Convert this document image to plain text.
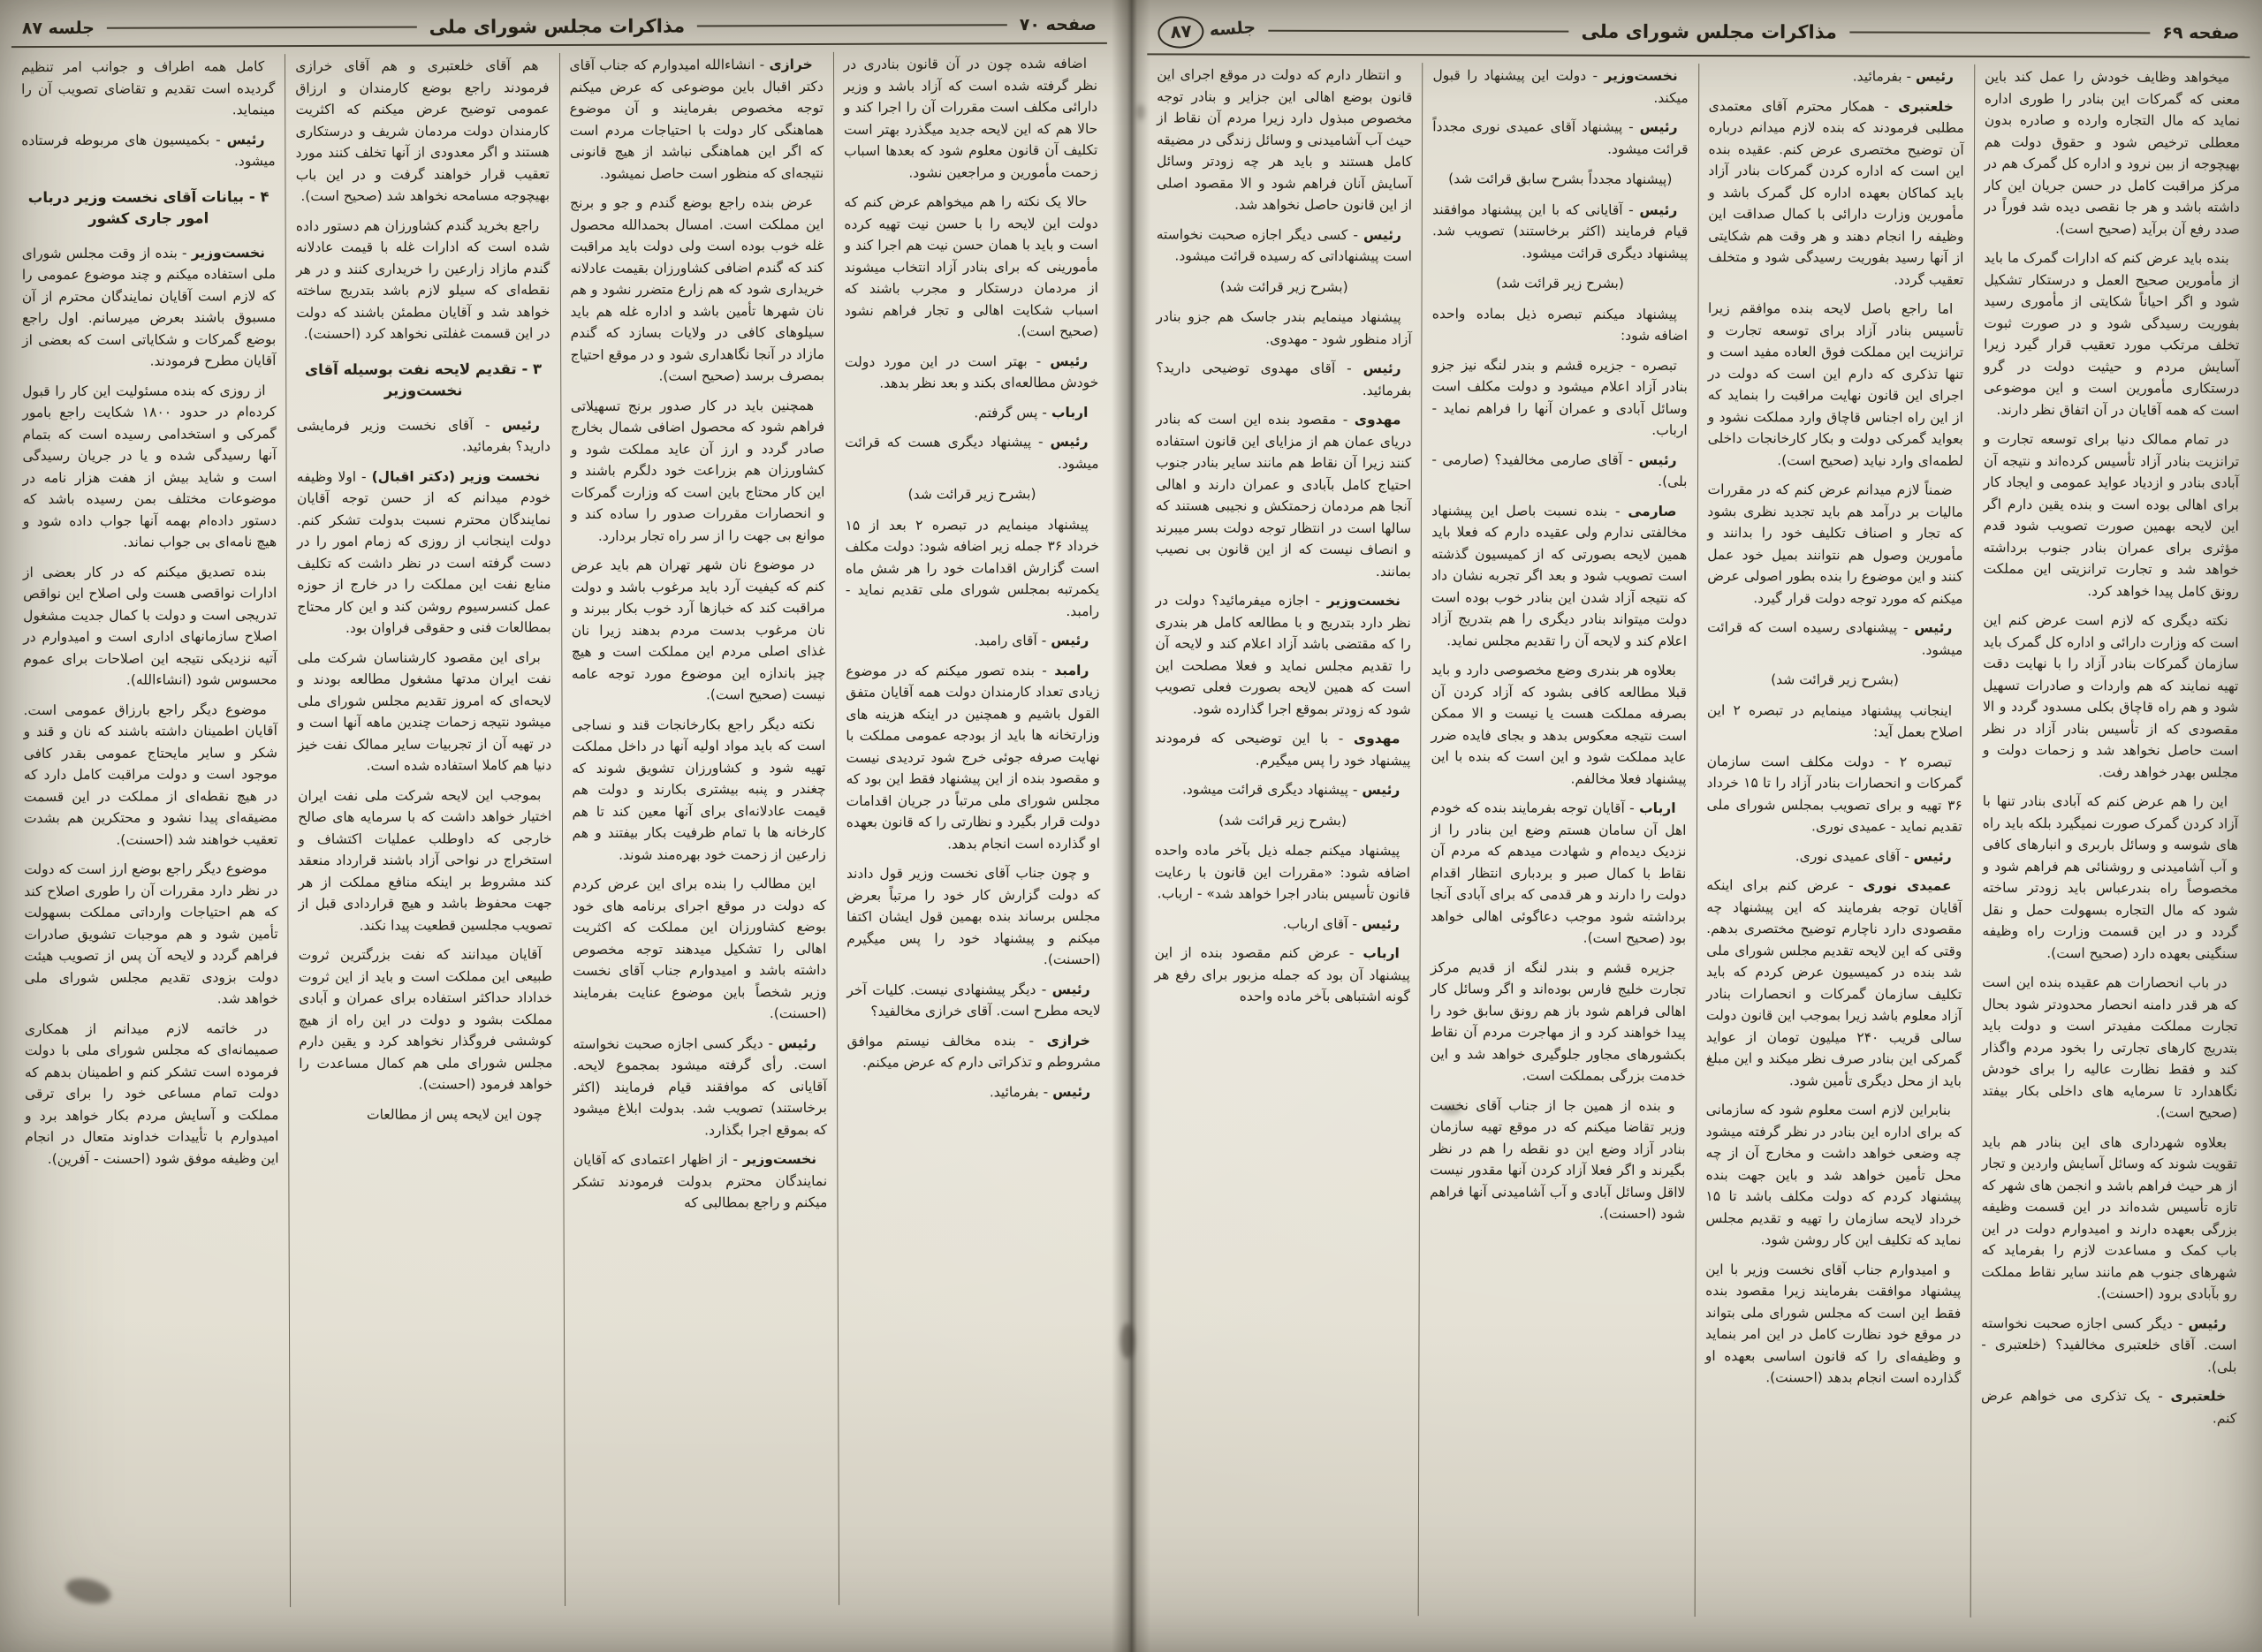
صفحه ۶۹
مذاکرات مجلس شورای ملی
جلسه
۸۷

میخواهد وظایف خودش را عمل کند باین معنی که گمرکات این بنادر را طوری اداره نماید که مال التجاره وارده و صادره بدون معطلی ترخیص شود و حقوق دولت هم بهیچوجه از بین نرود و اداره کل گمرک هم در مرکز مراقبت کامل در حسن جریان این کار داشته باشد و هر جا نقصی دیده شد فوراً در صدد رفع آن برآید (صحیح است).

بنده باید عرض کنم که ادارات گمرک ما باید از مأمورین صحیح العمل و درستکار تشکیل شود و اگر احیاناً شکایتی از مأموری رسید بفوریت رسیدگی شود و در صورت ثبوت تخلف مرتکب مورد تعقیب قرار گیرد زیرا آسایش مردم و حیثیت دولت در گرو درستکاری مأمورین است و این موضوعی است که همه آقایان در آن اتفاق نظر دارند.

در تمام ممالک دنیا برای توسعه تجارت و ترانزیت بنادر آزاد تأسیس کرده‌اند و نتیجه آن آبادی بنادر و ازدیاد عواید عمومی و ایجاد کار برای اهالی بوده است و بنده یقین دارم اگر این لایحه بهمین صورت تصویب شود قدم مؤثری برای عمران بنادر جنوب برداشته خواهد شد و تجارت ترانزیتی این مملکت رونق کامل پیدا خواهد کرد.

نکته دیگری که لازم است عرض کنم این است که وزارت دارائی و اداره کل گمرک باید سازمان گمرکات بنادر آزاد را با نهایت دقت تهیه نمایند که هم واردات و صادرات تسهیل شود و هم راه قاچاق بکلی مسدود گردد و الا مقصودی که از تأسیس بنادر آزاد در نظر است حاصل نخواهد شد و زحمات دولت و مجلس بهدر خواهد رفت.

این را هم عرض کنم که آبادی بنادر تنها با آزاد کردن گمرک صورت نمیگیرد بلکه باید راه های شوسه و وسائل باربری و انبارهای کافی و آب آشامیدنی و روشنائی هم فراهم شود و مخصوصاً راه بندرعباس باید زودتر ساخته شود که مال التجاره بسهولت حمل و نقل گردد و در این قسمت وزارت راه وظیفه سنگینی بعهده دارد (صحیح است).

در باب انحصارات هم عقیده بنده این است که هر قدر دامنه انحصار محدودتر شود بحال تجارت مملکت مفیدتر است و دولت باید بتدریج کارهای تجارتی را بخود مردم واگذار کند و فقط نظارت عالیه را برای خودش نگاهدارد تا سرمایه های داخلی بکار بیفتد (صحیح است).

بعلاوه شهرداری های این بنادر هم باید تقویت شوند که وسائل آسایش واردین و تجار از هر حیث فراهم باشد و انجمن های شهر که تازه تأسیس شده‌اند در این قسمت وظیفه بزرگی بعهده دارند و امیدوارم دولت در این باب کمک و مساعدت لازم را بفرماید که شهرهای جنوب هم مانند سایر نقاط مملکت رو بآبادی برود (احسنت).

رئیس - دیگر کسی اجازه صحبت نخواسته است. آقای خلعتبری مخالفید؟ (خلعتبری - بلی).

خلعتبری - یک تذکری می خواهم عرض کنم.

رئیس - بفرمائید.

خلعتبری - همکار محترم آقای معتمدی مطلبی فرمودند که بنده لازم میدانم درباره آن توضیح مختصری عرض کنم. عقیده بنده این است که اداره کردن گمرکات بنادر آزاد باید کماکان بعهده اداره کل گمرک باشد و مأمورین وزارت دارائی با کمال صداقت این وظیفه را انجام دهند و هر وقت هم شکایتی از آنها رسید بفوریت رسیدگی شود و متخلف تعقیب گردد.

اما راجع باصل لایحه بنده موافقم زیرا تأسیس بنادر آزاد برای توسعه تجارت و ترانزیت این مملکت فوق العاده مفید است و تنها تذکری که دارم این است که دولت در اجرای این قانون نهایت مراقبت را بنماید که از این راه اجناس قاچاق وارد مملکت نشود و بعواید گمرکی دولت و بکار کارخانجات داخلی لطمه‌ای وارد نیاید (صحیح است).

ضمناً لازم میدانم عرض کنم که در مقررات مالیات بر درآمد هم باید تجدید نظری بشود که تجار و اصناف تکلیف خود را بدانند و مأمورین وصول هم نتوانند بمیل خود عمل کنند و این موضوع را بنده بطور اصولی عرض میکنم که مورد توجه دولت قرار گیرد.

رئیس - پیشنهادی رسیده است که قرائت میشود.

(بشرح زیر قرائت شد)

اینجانب پیشنهاد مینمایم در تبصره ۲ این اصلاح بعمل آید:

تبصره ۲ - دولت مکلف است سازمان گمرکات و انحصارات بنادر آزاد را تا ۱۵ خرداد ۳۶ تهیه و برای تصویب بمجلس شورای ملی تقدیم نماید - عمیدی نوری.

رئیس - آقای عمیدی نوری.

عمیدی نوری - عرض کنم برای اینکه آقایان توجه بفرمایند که این پیشنهاد چه مقصودی دارد ناچارم توضیح مختصری بدهم. وقتی که این لایحه تقدیم مجلس شورای ملی شد بنده در کمیسیون عرض کردم که باید تکلیف سازمان گمرکات و انحصارات بنادر آزاد معلوم باشد زیرا بموجب این قانون دولت سالی قریب ۲۴۰ میلیون تومان از عواید گمرکی این بنادر صرف نظر میکند و این مبلغ باید از محل دیگری تأمین شود.

بنابراین لازم است معلوم شود که سازمانی که برای اداره این بنادر در نظر گرفته میشود چه وضعی خواهد داشت و مخارج آن از چه محل تأمین خواهد شد و باین جهت بنده پیشنهاد کردم که دولت مکلف باشد تا ۱۵ خرداد لایحه سازمان را تهیه و تقدیم مجلس نماید که تکلیف این کار روشن شود.

و امیدوارم جناب آقای نخست وزیر با این پیشنهاد موافقت بفرمایند زیرا مقصود بنده فقط این است که مجلس شورای ملی بتواند در موقع خود نظارت کامل در این امر بنماید و وظیفه‌ای را که قانون اساسی بعهده او گذارده است انجام بدهد (احسنت).

نخست‌وزیر - دولت این پیشنهاد را قبول میکند.

رئیس - پیشنهاد آقای عمیدی نوری مجدداً قرائت میشود.

(پیشنهاد مجدداً بشرح سابق قرائت شد)

رئیس - آقایانی که با این پیشنهاد موافقند قیام فرمایند (اکثر برخاستند) تصویب شد. پیشنهاد دیگری قرائت میشود.

(بشرح زیر قرائت شد)

پیشنهاد میکنم تبصره ذیل بماده واحده اضافه شود:

تبصره - جزیره قشم و بندر لنگه نیز جزو بنادر آزاد اعلام میشود و دولت مکلف است وسائل آبادی و عمران آنها را فراهم نماید - ارباب.

رئیس - آقای صارمی مخالفید؟ (صارمی - بلی).

صارمی - بنده نسبت باصل این پیشنهاد مخالفتی ندارم ولی عقیده دارم که فعلا باید همین لایحه بصورتی که از کمیسیون گذشته است تصویب شود و بعد اگر تجربه نشان داد که نتیجه آزاد شدن این بنادر خوب بوده است دولت میتواند بنادر دیگری را هم بتدریج آزاد اعلام کند و لایحه آن را تقدیم مجلس نماید.

بعلاوه هر بندری وضع مخصوصی دارد و باید قبلا مطالعه کافی بشود که آزاد کردن آن بصرفه مملکت هست یا نیست و الا ممکن است نتیجه معکوس بدهد و بجای فایده ضرر عاید مملکت شود و این است که بنده با این پیشنهاد فعلا مخالفم.

ارباب - آقایان توجه بفرمایند بنده که خودم اهل آن سامان هستم وضع این بنادر را از نزدیک دیده‌ام و شهادت میدهم که مردم آن نقاط با کمال صبر و بردباری انتظار اقدام دولت را دارند و هر قدمی که برای آبادی آنجا برداشته شود موجب دعاگوئی اهالی خواهد بود (صحیح است).

جزیره قشم و بندر لنگه از قدیم مرکز تجارت خلیج فارس بوده‌اند و اگر وسائل کار اهالی فراهم شود باز هم رونق سابق خود را پیدا خواهند کرد و از مهاجرت مردم آن نقاط بکشورهای مجاور جلوگیری خواهد شد و این خدمت بزرگی بمملکت است.

و بنده از همین جا از جناب آقای نخست وزیر تقاضا میکنم که در موقع تهیه سازمان بنادر آزاد وضع این دو نقطه را هم در نظر بگیرند و اگر فعلا آزاد کردن آنها مقدور نیست لااقل وسائل آبادی و آب آشامیدنی آنها فراهم شود (احسنت).

و انتظار دارم که دولت در موقع اجرای این قانون بوضع اهالی این جزایر و بنادر توجه مخصوص مبذول دارد زیرا مردم آن نقاط از حیث آب آشامیدنی و وسائل زندگی در مضیقه کامل هستند و باید هر چه زودتر وسائل آسایش آنان فراهم شود و الا مقصود اصلی از این قانون حاصل نخواهد شد.

رئیس - کسی دیگر اجازه صحبت نخواسته است پیشنهاداتی که رسیده قرائت میشود.

(بشرح زیر قرائت شد)

پیشنهاد مینمایم بندر جاسک هم جزو بنادر آزاد منظور شود - مهدوی.

رئیس - آقای مهدوی توضیحی دارید؟ بفرمائید.

مهدوی - مقصود بنده این است که بنادر دریای عمان هم از مزایای این قانون استفاده کنند زیرا آن نقاط هم مانند سایر بنادر جنوب احتیاج کامل بآبادی و عمران دارند و اهالی آنجا هم مردمان زحمتکش و نجیبی هستند که سالها است در انتظار توجه دولت بسر میبرند و انصاف نیست که از این قانون بی نصیب بمانند.

نخست‌وزیر - اجازه میفرمائید؟ دولت در نظر دارد بتدریج و با مطالعه کامل هر بندری را که مقتضی باشد آزاد اعلام کند و لایحه آن را تقدیم مجلس نماید و فعلا مصلحت این است که همین لایحه بصورت فعلی تصویب شود که زودتر بموقع اجرا گذارده شود.

مهدوی - با این توضیحی که فرمودند پیشنهاد خود را پس میگیرم.

رئیس - پیشنهاد دیگری قرائت میشود.

(بشرح زیر قرائت شد)

پیشنهاد میکنم جمله ذیل بآخر ماده واحده اضافه شود: «مقررات این قانون با رعایت قانون تأسیس بنادر اجرا خواهد شد» - ارباب.

رئیس - آقای ارباب.

ارباب - عرض کنم مقصود بنده از این پیشنهاد آن بود که جمله مزبور برای رفع هر گونه اشتباهی بآخر ماده واحده

صفحه ۷۰
مذاکرات مجلس شورای ملی
جلسه ۸۷

اضافه شده چون در آن قانون بنادری در نظر گرفته شده است که آزاد باشد و وزیر دارائی مکلف است مقررات آن را اجرا کند و حالا هم که این لایحه جدید میگذرد بهتر است تکلیف آن قانون معلوم شود که بعدها اسباب زحمت مأمورین و مراجعین نشود.

حالا یک نکته را هم میخواهم عرض کنم که دولت این لایحه را با حسن نیت تهیه کرده است و باید با همان حسن نیت هم اجرا کند و مأمورینی که برای بنادر آزاد انتخاب میشوند از مردمان درستکار و مجرب باشند که اسباب شکایت اهالی و تجار فراهم نشود (صحیح است).

رئیس - بهتر است در این مورد دولت خودش مطالعه‌ای بکند و بعد نظر بدهد.

ارباب - پس گرفتم.

رئیس - پیشنهاد دیگری هست که قرائت میشود.

(بشرح زیر قرائت شد)

پیشنهاد مینمایم در تبصره ۲ بعد از ۱۵ خرداد ۳۶ جمله زیر اضافه شود: دولت مکلف است گزارش اقدامات خود را هر شش ماه یکمرتبه بمجلس شورای ملی تقدیم نماید - رامبد.

رئیس - آقای رامبد.

رامبد - بنده تصور میکنم که در موضوع زیادی تعداد کارمندان دولت همه آقایان متفق القول باشیم و همچنین در اینکه هزینه های وزارتخانه ها باید از بودجه عمومی مملکت با نهایت صرفه جوئی خرج شود تردیدی نیست و مقصود بنده از این پیشنهاد فقط این بود که مجلس شورای ملی مرتباً در جریان اقدامات دولت قرار بگیرد و نظارتی را که قانون بعهده او گذارده است انجام بدهد.

و چون جناب آقای نخست وزیر قول دادند که دولت گزارش کار خود را مرتباً بعرض مجلس برساند بنده بهمین قول ایشان اکتفا میکنم و پیشنهاد خود را پس میگیرم (احسنت).

رئیس - دیگر پیشنهادی نیست. کلیات آخر لایحه مطرح است. آقای خرازی مخالفید؟

خرازی - بنده مخالف نیستم موافق مشروطم و تذکراتی دارم که عرض میکنم.

رئیس - بفرمائید.

خرازی - انشاءالله امیدوارم که جناب آقای دکتر اقبال باین موضوعی که عرض میکنم توجه مخصوص بفرمایند و آن موضوع هماهنگی کار دولت با احتیاجات مردم است که اگر این هماهنگی نباشد از هیچ قانونی نتیجه‌ای که منظور است حاصل نمیشود.

عرض بنده راجع بوضع گندم و جو و برنج این مملکت است. امسال بحمدالله محصول غله خوب بوده است ولی دولت باید مراقبت کند که گندم اضافی کشاورزان بقیمت عادلانه خریداری شود که هم زارع متضرر نشود و هم نان شهرها تأمین باشد و اداره غله هم باید سیلوهای کافی در ولایات بسازد که گندم مازاد در آنجا نگاهداری شود و در موقع احتیاج بمصرف برسد (صحیح است).

همچنین باید در کار صدور برنج تسهیلاتی فراهم شود که محصول اضافی شمال بخارج صادر گردد و ارز آن عاید مملکت شود و کشاورزان هم بزراعت خود دلگرم باشند و این کار محتاج باین است که وزارت گمرکات و انحصارات مقررات صدور را ساده کند و موانع بی جهت را از سر راه تجار بردارد.

در موضوع نان شهر تهران هم باید عرض کنم که کیفیت آرد باید مرغوب باشد و دولت مراقبت کند که خبازها آرد خوب بکار ببرند و نان مرغوب بدست مردم بدهند زیرا نان غذای اصلی مردم این مملکت است و هیچ چیز باندازه این موضوع مورد توجه عامه نیست (صحیح است).

نکته دیگر راجع بکارخانجات قند و نساجی است که باید مواد اولیه آنها در داخل مملکت تهیه شود و کشاورزان تشویق شوند که چغندر و پنبه بیشتری بکارند و دولت هم قیمت عادلانه‌ای برای آنها معین کند تا هم کارخانه ها با تمام ظرفیت بکار بیفتند و هم زارعین از زحمت خود بهره‌مند شوند.

این مطالب را بنده برای این عرض کردم که دولت در موقع اجرای برنامه های خود بوضع کشاورزان این مملکت که اکثریت اهالی را تشکیل میدهند توجه مخصوص داشته باشد و امیدوارم جناب آقای نخست وزیر شخصاً باین موضوع عنایت بفرمایند (احسنت).

رئیس - دیگر کسی اجازه صحبت نخواسته است. رأی گرفته میشود بمجموع لایحه. آقایانی که موافقند قیام فرمایند (اکثر برخاستند) تصویب شد. بدولت ابلاغ میشود که بموقع اجرا بگذارد.

نخست‌وزیر - از اظهار اعتمادی که آقایان نمایندگان محترم بدولت فرمودند تشکر میکنم و راجع بمطالبی که

هم آقای خلعتبری و هم آقای خرازی فرمودند راجع بوضع کارمندان و ارزاق عمومی توضیح عرض میکنم که اکثریت کارمندان دولت مردمان شریف و درستکاری هستند و اگر معدودی از آنها تخلف کنند مورد تعقیب قرار خواهند گرفت و در این باب بهیچوجه مسامحه نخواهد شد (صحیح است).

راجع بخرید گندم کشاورزان هم دستور داده شده است که ادارات غله با قیمت عادلانه گندم مازاد زارعین را خریداری کنند و در هر نقطه‌ای که سیلو لازم باشد بتدریج ساخته خواهد شد و آقایان مطمئن باشند که دولت در این قسمت غفلتی نخواهد کرد (احسنت).

۳ - تقدیم لایحه نفت بوسیله آقای نخست‌وزیر

رئیس - آقای نخست وزیر فرمایشی دارید؟ بفرمائید.

نخست وزیر (دکتر اقبال) - اولا وظیفه خودم میدانم که از حسن توجه آقایان نمایندگان محترم نسبت بدولت تشکر کنم. دولت اینجانب از روزی که زمام امور را در دست گرفته است در نظر داشت که تکلیف منابع نفت این مملکت را در خارج از حوزه عمل کنسرسیوم روشن کند و این کار محتاج بمطالعات فنی و حقوقی فراوان بود.

برای این مقصود کارشناسان شرکت ملی نفت ایران مدتها مشغول مطالعه بودند و لایحه‌ای که امروز تقدیم مجلس شورای ملی میشود نتیجه زحمات چندین ماهه آنها است و در تهیه آن از تجربیات سایر ممالک نفت خیز دنیا هم کاملا استفاده شده است.

بموجب این لایحه شرکت ملی نفت ایران اختیار خواهد داشت که با سرمایه های صالح خارجی که داوطلب عملیات اکتشاف و استخراج در نواحی آزاد باشند قرارداد منعقد کند مشروط بر اینکه منافع مملکت از هر جهت محفوظ باشد و هیچ قراردادی قبل از تصویب مجلسین قطعیت پیدا نکند.

آقایان میدانند که نفت بزرگترین ثروت طبیعی این مملکت است و باید از این ثروت خداداد حداکثر استفاده برای عمران و آبادی مملکت بشود و دولت در این راه از هیچ کوششی فروگذار نخواهد کرد و یقین دارم مجلس شورای ملی هم کمال مساعدت را خواهد فرمود (احسنت).

چون این لایحه پس از مطالعات

کامل همه اطراف و جوانب امر تنظیم گردیده است تقدیم و تقاضای تصویب آن را مینماید.

رئیس - بکمیسیون های مربوطه فرستاده میشود.

۴ - بیانات آقای نخست وزیر درباب امور جاری کشور

نخست‌وزیر - بنده از وقت مجلس شورای ملی استفاده میکنم و چند موضوع عمومی را که لازم است آقایان نمایندگان محترم از آن مسبوق باشند بعرض میرسانم. اول راجع بوضع گمرکات و شکایاتی است که بعضی از آقایان مطرح فرمودند.

از روزی که بنده مسئولیت این کار را قبول کرده‌ام در حدود ۱۸۰۰ شکایت راجع بامور گمرکی و استخدامی رسیده است که بتمام آنها رسیدگی شده و یا در جریان رسیدگی است و شاید بیش از هفت هزار نامه در موضوعات مختلف بمن رسیده باشد که دستور داده‌ام بهمه آنها جواب داده شود و هیچ نامه‌ای بی جواب نماند.

بنده تصدیق میکنم که در کار بعضی از ادارات نواقصی هست ولی اصلاح این نواقص تدریجی است و دولت با کمال جدیت مشغول اصلاح سازمانهای اداری است و امیدوارم در آتیه نزدیکی نتیجه این اصلاحات برای عموم محسوس شود (انشاءالله).

موضوع دیگر راجع بارزاق عمومی است. آقایان اطمینان داشته باشند که نان و قند و شکر و سایر مایحتاج عمومی بقدر کافی موجود است و دولت مراقبت کامل دارد که در هیچ نقطه‌ای از مملکت در این قسمت مضیقه‌ای پیدا نشود و محتکرین هم بشدت تعقیب خواهند شد (احسنت).

موضوع دیگر راجع بوضع ارز است که دولت در نظر دارد مقررات آن را طوری اصلاح کند که هم احتیاجات وارداتی مملکت بسهولت تأمین شود و هم موجبات تشویق صادرات فراهم گردد و لایحه آن پس از تصویب هیئت دولت بزودی تقدیم مجلس شورای ملی خواهد شد.

در خاتمه لازم میدانم از همکاری صمیمانه‌ای که مجلس شورای ملی با دولت فرموده است تشکر کنم و اطمینان بدهم که دولت تمام مساعی خود را برای ترقی مملکت و آسایش مردم بکار خواهد برد و امیدوارم با تأییدات خداوند متعال در انجام این وظیفه موفق شود (احسنت - آفرین).
